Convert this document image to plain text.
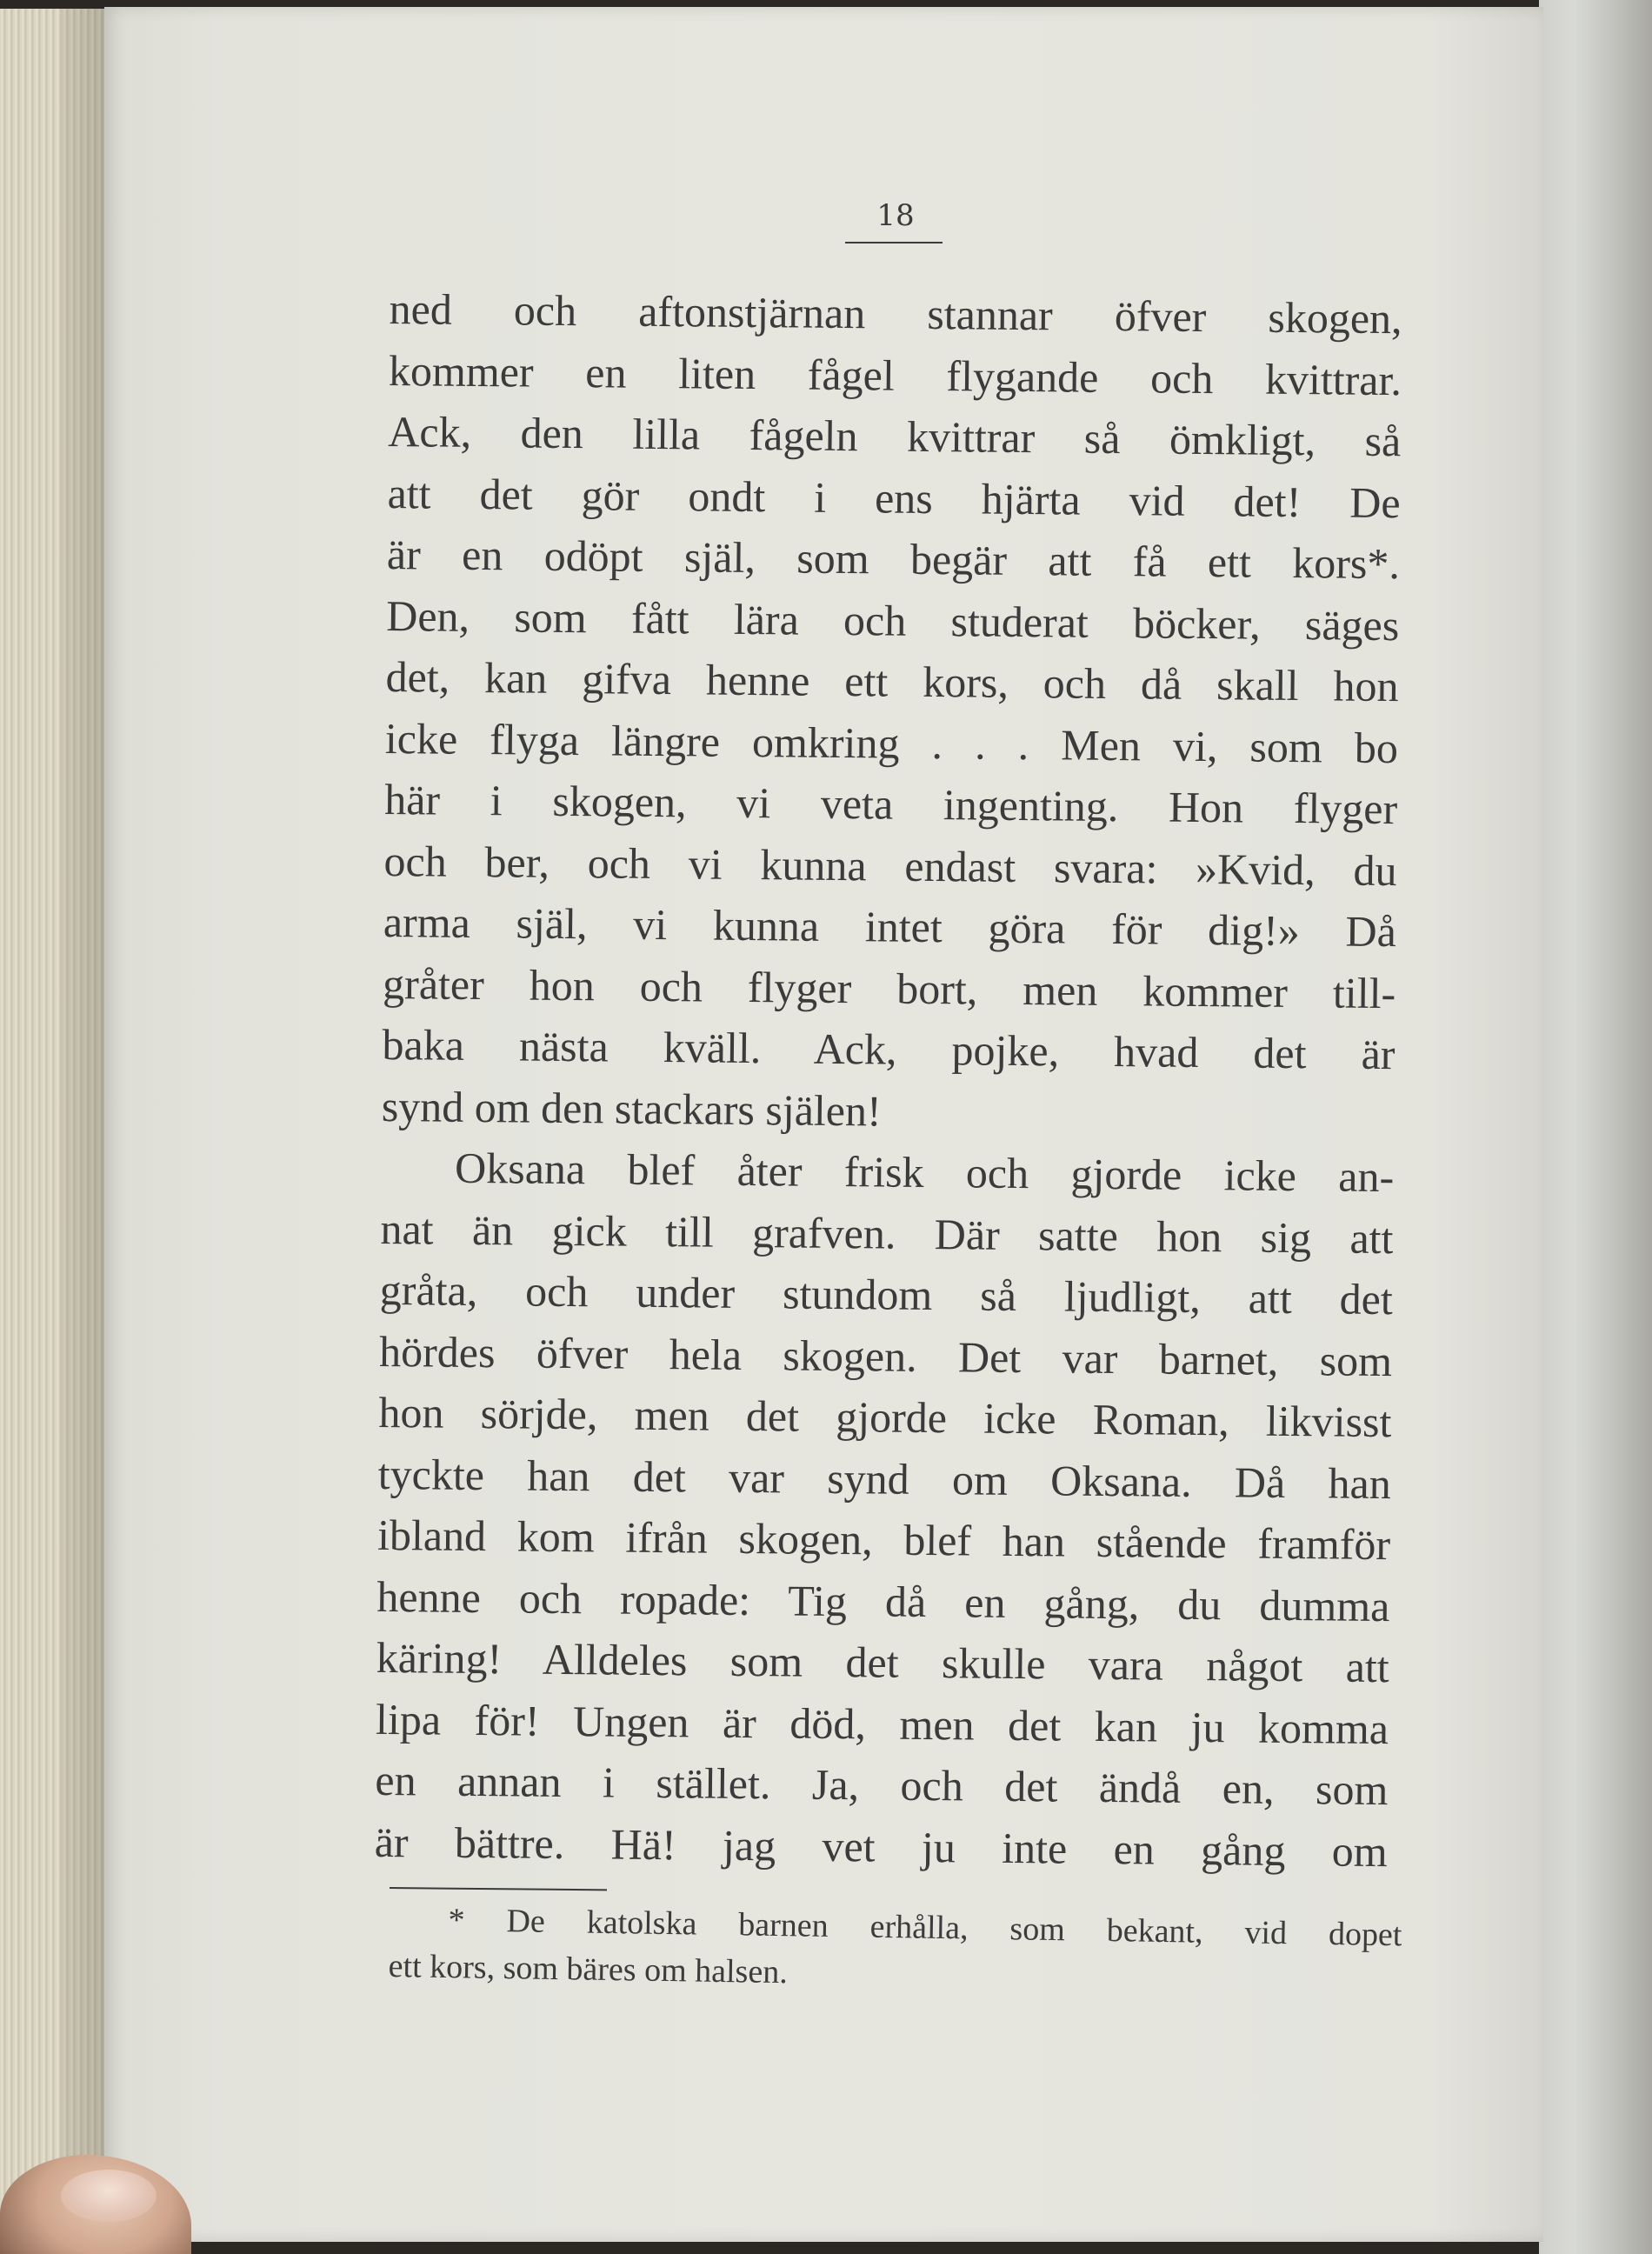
18
ned och aftonstjärnan stannar öfver skogen,
kommer en liten fågel flygande och kvittrar.
Ack, den lilla fågeln kvittrar så ömkligt, så
att det gör ondt i ens hjärta vid det! De
är en odöpt själ, som begär att få ett kors*.
Den, som fått lära och studerat böcker, säges
det, kan gifva henne ett kors, och då skall hon
icke flyga längre omkring . . . Men vi, som bo
här i skogen, vi veta ingenting. Hon flyger
och ber, och vi kunna endast svara: »Kvid, du
arma själ, vi kunna intet göra för dig!» Då
gråter hon och flyger bort, men kommer till-
baka nästa kväll. Ack, pojke, hvad det är
synd om den stackars själen!
Oksana blef åter frisk och gjorde icke an-
nat än gick till grafven. Där satte hon sig att
gråta, och under stundom så ljudligt, att det
hördes öfver hela skogen. Det var barnet, som
hon sörjde, men det gjorde icke Roman, likvisst
tyckte han det var synd om Oksana. Då han
ibland kom ifrån skogen, blef han stående framför
henne och ropade: Tig då en gång, du dumma
käring! Alldeles som det skulle vara något att
lipa för! Ungen är död, men det kan ju komma
en annan i stället. Ja, och det ändå en, som
är bättre. Hä! jag vet ju inte en gång om
* De katolska barnen erhålla, som bekant, vid dopet
ett kors, som bäres om halsen.
